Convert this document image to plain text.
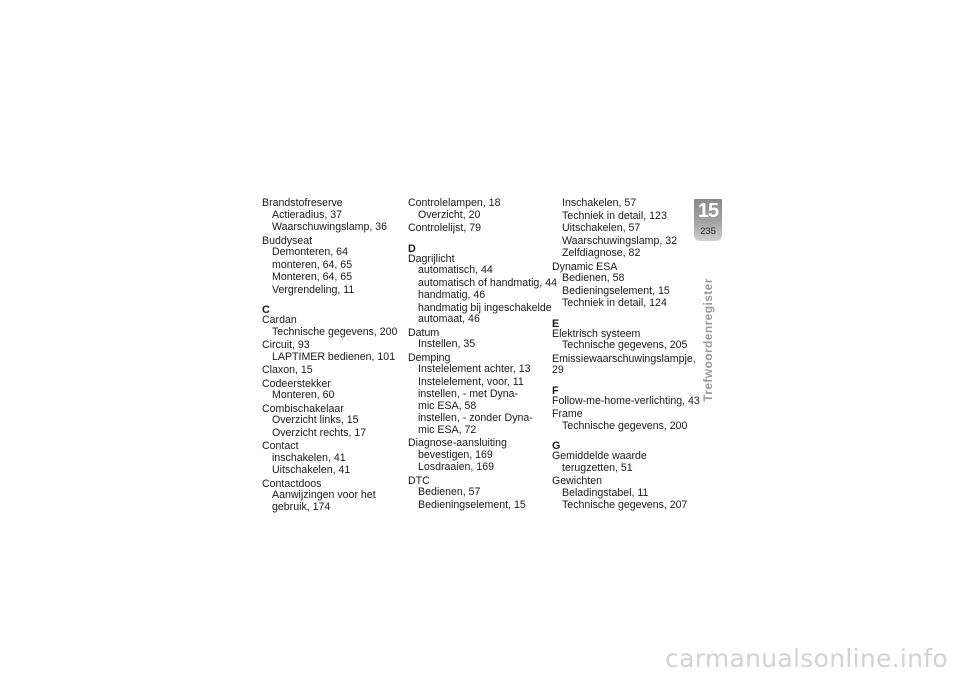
Brandstofreserve
Actieradius, 37
Waarschuwingslamp, 36
Buddyseat
Demonteren, 64
monteren, 64, 65
Monteren, 64, 65
Vergrendeling, 11
C
Cardan
Technische gegevens, 200
Circuit, 93
LAPTIMER bedienen, 101
Claxon, 15
Codeerstekker
Monteren, 60
Combischakelaar
Overzicht links, 15
Overzicht rechts, 17
Contact
inschakelen, 41
Uitschakelen, 41
Contactdoos
Aanwijzingen voor het
gebruik, 174
Controlelampen, 18
Overzicht, 20
Controlelijst, 79
D
Dagrijlicht
automatisch, 44
automatisch of handmatig, 44
handmatig, 46
handmatig bij ingeschakelde
automaat, 46
Datum
Instellen, 35
Demping
Instelelement achter, 13
Instelelement, voor, 11
instellen, - met Dyna-
mic ESA, 58
instellen, - zonder Dyna-
mic ESA, 72
Diagnose-aansluiting
bevestigen, 169
Losdraaien, 169
DTC
Bedienen, 57
Bedieningselement, 15
Inschakelen, 57
Techniek in detail, 123
Uitschakelen, 57
Waarschuwingslamp, 32
Zelfdiagnose, 82
Dynamic ESA
Bedienen, 58
Bedieningselement, 15
Techniek in detail, 124
E
Elektrisch systeem
Technische gegevens, 205
Emissiewaarschuwingslampje, 29
F
Follow-me-home-verlichting, 43
Frame
Technische gegevens, 200
G
Gemiddelde waarde
terugzetten, 51
Gewichten
Beladingstabel, 11
Technische gegevens, 207
15
235
Trefwoordenregister
carmanualsonline.info
